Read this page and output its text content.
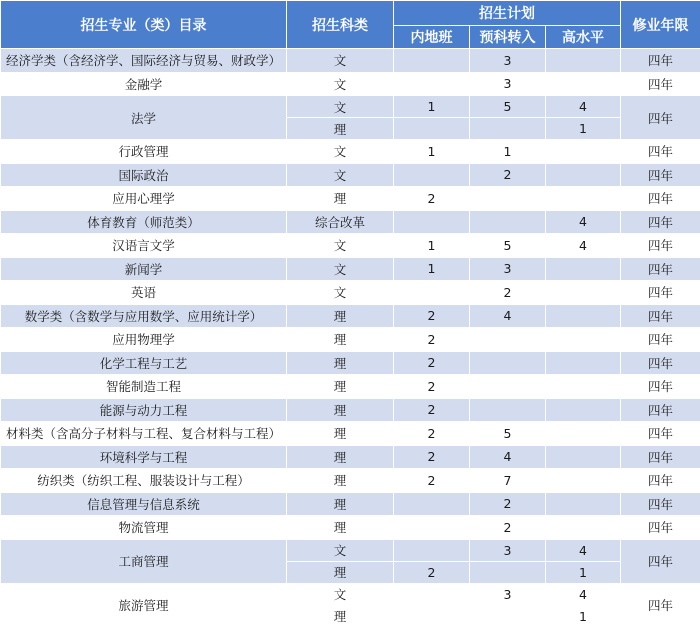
招生专业（类）目录	招生科类	招生计划			修业年限
		内地班	预科转入	高水平	
经济学类（含经济学、国际经济与贸易、财政学）	文		3		四年
金融学	文		3		四年
法学	文	1	5	4	四年
	理			1	
行政管理	文	1	1		四年
国际政治	文		2		四年
应用心理学	理	2			四年
体育教育（师范类）	综合改革			4	四年
汉语言文学	文	1	5	4	四年
新闻学	文	1	3		四年
英语	文		2		四年
数学类（含数学与应用数学、应用统计学）	理	2	4		四年
应用物理学	理	2			四年
化学工程与工艺	理	2			四年
智能制造工程	理	2			四年
能源与动力工程	理	2			四年
材料类（含高分子材料与工程、复合材料与工程）	理	2	5		四年
环境科学与工程	理	2	4		四年
纺织类（纺织工程、服装设计与工程）	理	2	7		四年
信息管理与信息系统	理		2		四年
物流管理	理		2		四年
工商管理	文		3	4	四年
	理	2		1	
旅游管理	文		3	4	四年
	理			1	
